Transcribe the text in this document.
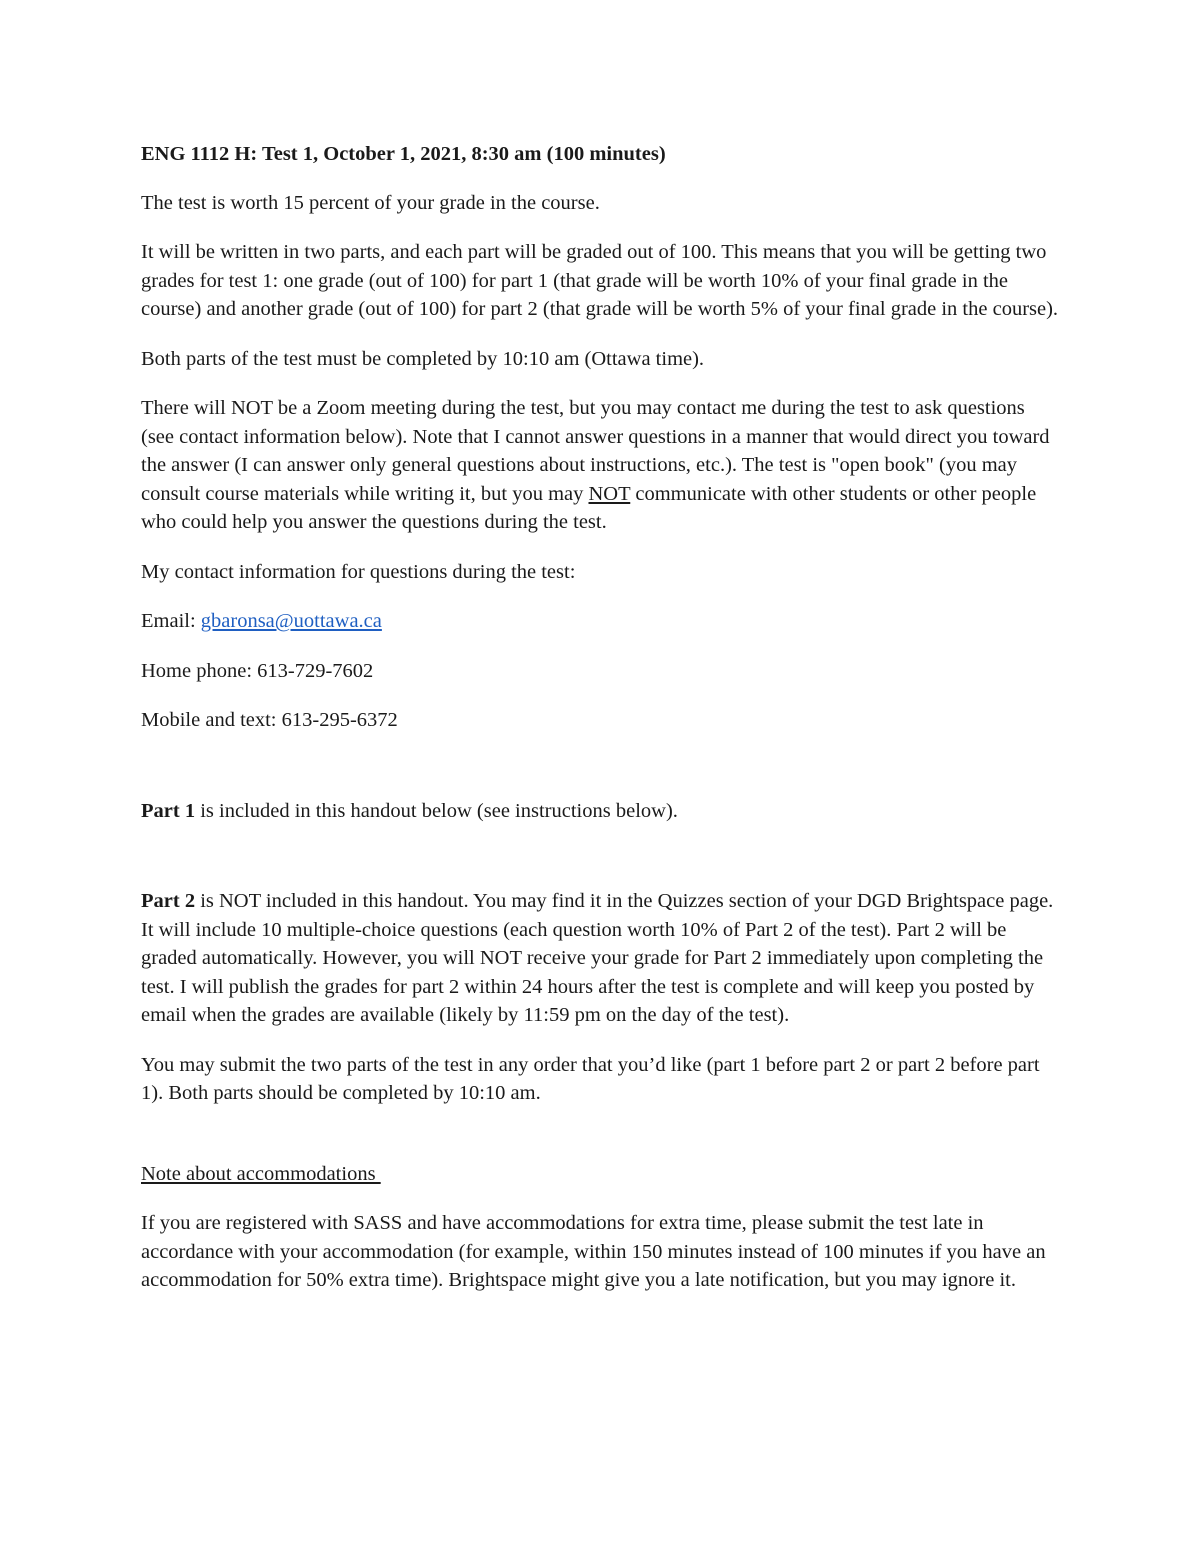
ENG 1112 H: Test 1, October 1, 2021, 8:30 am (100 minutes)

The test is worth 15 percent of your grade in the course.

It will be written in two parts, and each part will be graded out of 100. This means that you will be getting two grades for test 1: one grade (out of 100) for part 1 (that grade will be worth 10% of your final grade in the course) and another grade (out of 100) for part 2 (that grade will be worth 5% of your final grade in the course).

Both parts of the test must be completed by 10:10 am (Ottawa time).

There will NOT be a Zoom meeting during the test, but you may contact me during the test to ask questions (see contact information below). Note that I cannot answer questions in a manner that would direct you toward the answer (I can answer only general questions about instructions, etc.). The test is "open book" (you may consult course materials while writing it, but you may NOT communicate with other students or other people who could help you answer the questions during the test.

My contact information for questions during the test:

Email: gbaronsa@uottawa.ca

Home phone: 613-729-7602

Mobile and text: 613-295-6372

Part 1 is included in this handout below (see instructions below).

Part 2 is NOT included in this handout. You may find it in the Quizzes section of your DGD Brightspace page. It will include 10 multiple-choice questions (each question worth 10% of Part 2 of the test). Part 2 will be graded automatically. However, you will NOT receive your grade for Part 2 immediately upon completing the test. I will publish the grades for part 2 within 24 hours after the test is complete and will keep you posted by email when the grades are available (likely by 11:59 pm on the day of the test).

You may submit the two parts of the test in any order that you’d like (part 1 before part 2 or part 2 before part 1). Both parts should be completed by 10:10 am.

Note about accommodations

If you are registered with SASS and have accommodations for extra time, please submit the test late in accordance with your accommodation (for example, within 150 minutes instead of 100 minutes if you have an accommodation for 50% extra time). Brightspace might give you a late notification, but you may ignore it.
